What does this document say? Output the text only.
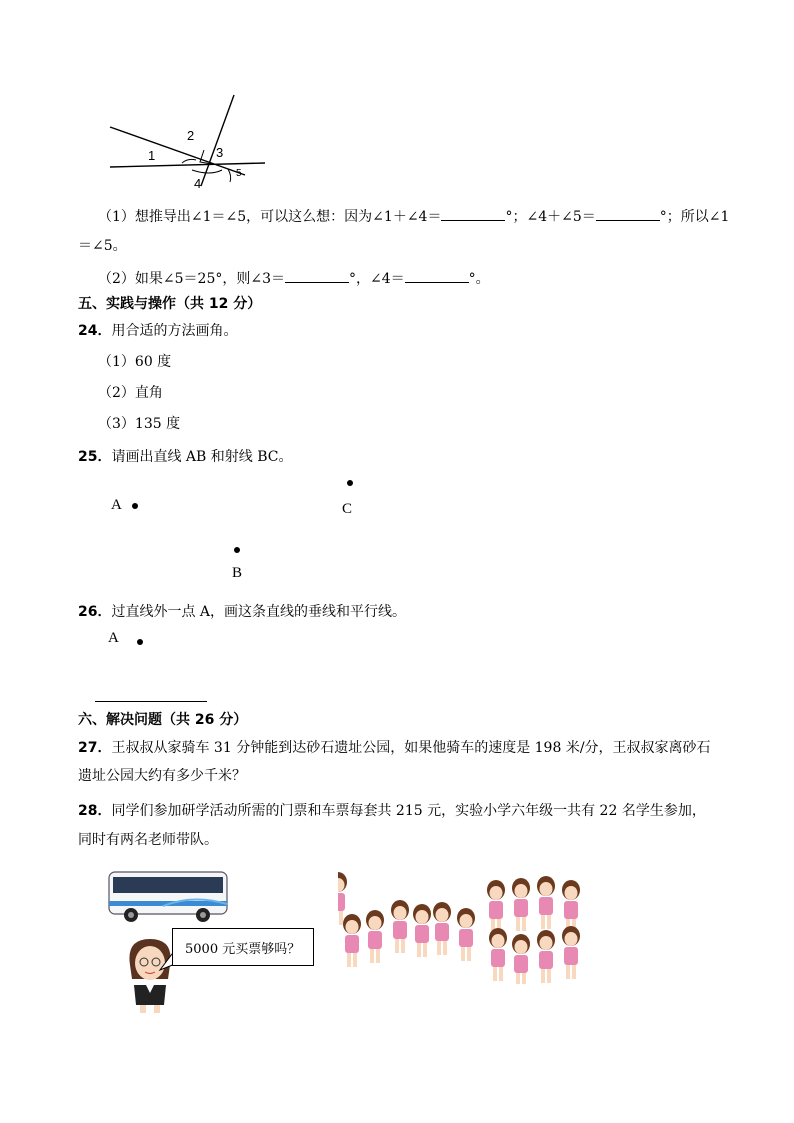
1
2
3
4
5
（1）想推导出∠1＝∠5，可以这么想：因为∠1＋∠4＝	°；∠4＋∠5＝	°；所以∠1
＝∠5。
（2）如果∠5＝25°，则∠3＝	°，∠4＝	°。
五、实践与操作（共 12 分）
24．用合适的方法画角。
（1）60 度
（2）直角
（3）135 度
25．请画出直线 AB 和射线 BC。
A	C
B
26．过直线外一点 A，画这条直线的垂线和平行线。
A
六、解决问题（共 26 分）
27．王叔叔从家骑车 31 分钟能到达砂石遗址公园，如果他骑车的速度是 198 米/分，王叔叔家离砂石
遗址公园大约有多少千米？
28．同学们参加研学活动所需的门票和车票每套共 215 元，实验小学六年级一共有 22 名学生参加，
同时有两名老师带队。
5000 元买票够吗？
